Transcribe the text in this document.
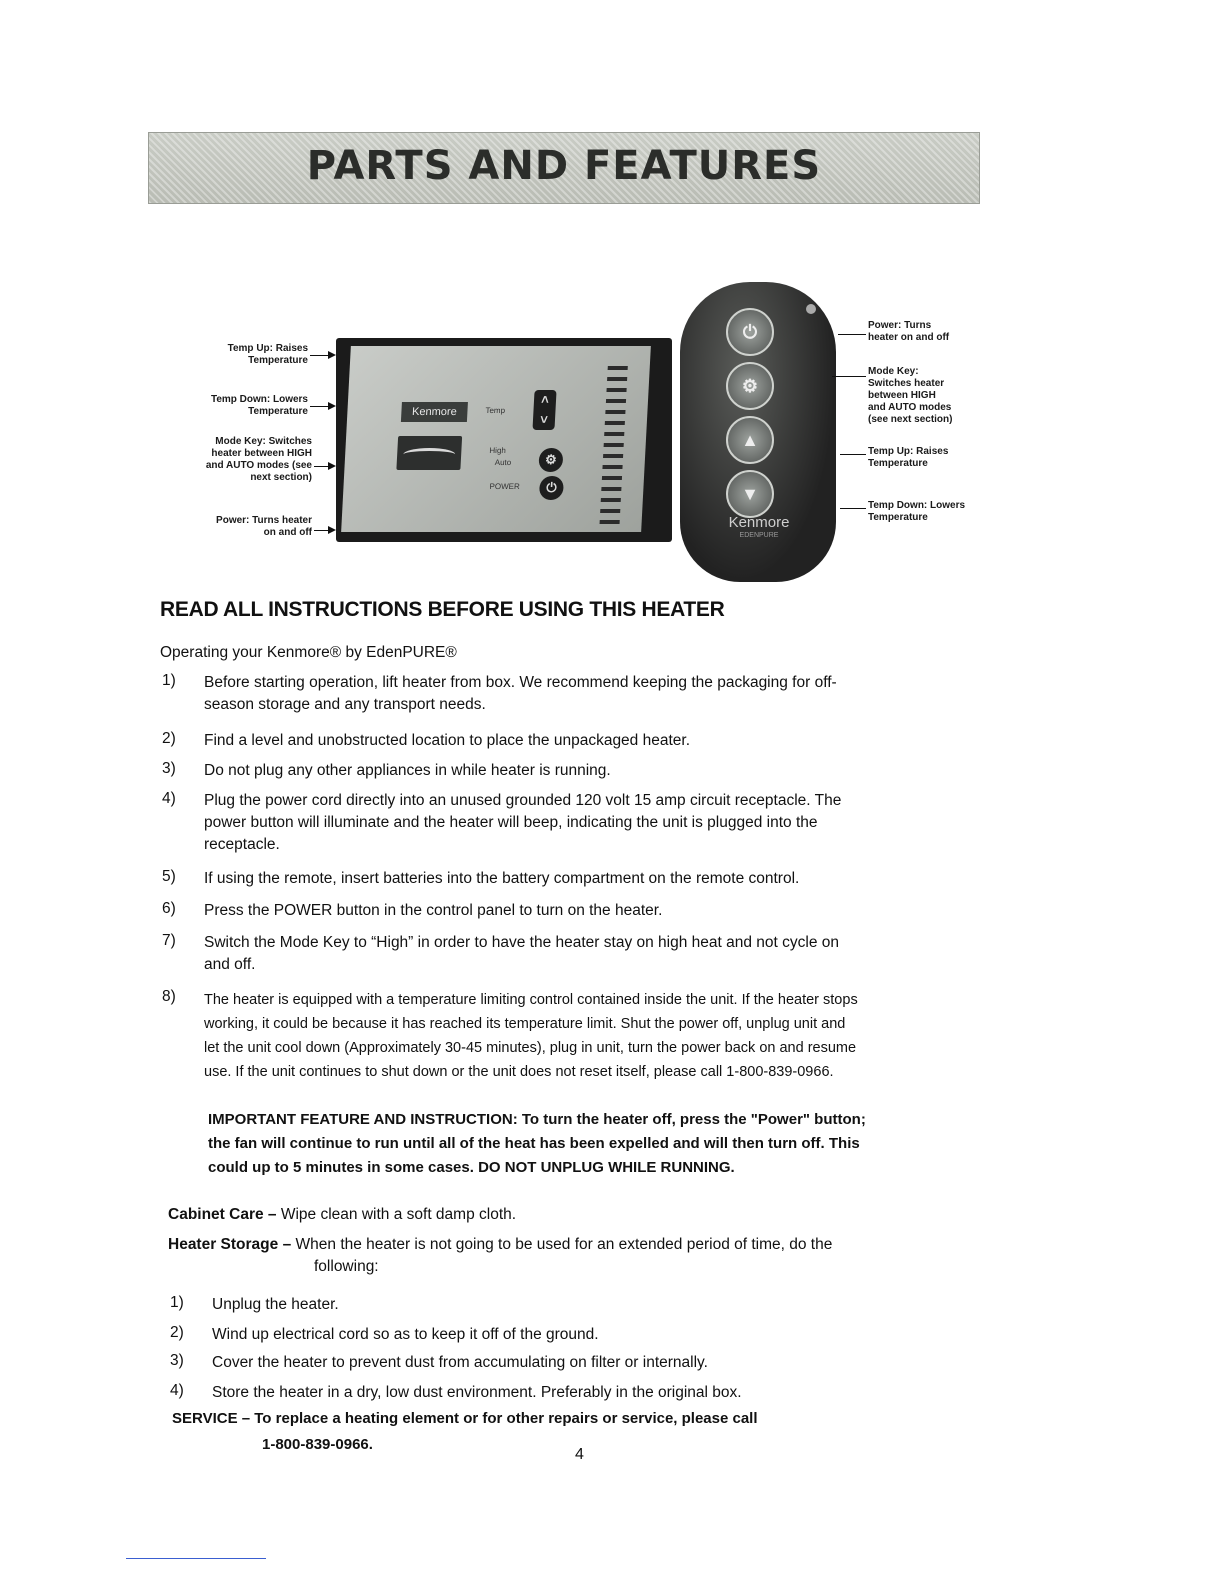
PARTS AND FEATURES
Temp Up: Raises
Temperature
Temp Down: Lowers
Temperature
Mode Key: Switches
heater between HIGH
and AUTO modes (see
next section)
Power: Turns heater
on and off
Kenmore	Temp
˄
˅
High
Auto	⚙
POWER	⏻
⏻
⚙
▲
▼
Kenmore
EDENPURE
Power: Turns
heater on and off
Mode Key:
Switches heater
between HIGH
and AUTO modes
(see next section)
Temp Up: Raises
Temperature
Temp Down: Lowers
Temperature
READ ALL INSTRUCTIONS BEFORE USING THIS HEATER
Operating your Kenmore® by EdenPURE®
1) Before starting operation, lift heater from box. We recommend keeping the packaging for off-
season storage and any transport needs.
2) Find a level and unobstructed location to place the unpackaged heater.
3) Do not plug any other appliances in while heater is running.
4) Plug the power cord directly into an unused grounded 120 volt 15 amp circuit receptacle. The
power button will illuminate and the heater will beep, indicating the unit is plugged into the
receptacle.
5) If using the remote, insert batteries into the battery compartment on the remote control.
6) Press the POWER button in the control panel to turn on the heater.
7) Switch the Mode Key to “High” in order to have the heater stay on high heat and not cycle on
and off.
8) The heater is equipped with a temperature limiting control contained inside the unit. If the heater stops
working, it could be because it has reached its temperature limit. Shut the power off, unplug unit and
let the unit cool down (Approximately 30-45 minutes), plug in unit, turn the power back on and resume
use. If the unit continues to shut down or the unit does not reset itself, please call 1-800-839-0966.
IMPORTANT FEATURE AND INSTRUCTION: To turn the heater off, press the "Power" button;
the fan will continue to run until all of the heat has been expelled and will then turn off. This
could up to 5 minutes in some cases. DO NOT UNPLUG WHILE RUNNING.
Cabinet Care – Wipe clean with a soft damp cloth.
Heater Storage – When the heater is not going to be used for an extended period of time, do the
following:
1) Unplug the heater.
2) Wind up electrical cord so as to keep it off of the ground.
3) Cover the heater to prevent dust from accumulating on filter or internally.
4) Store the heater in a dry, low dust environment. Preferably in the original box.
SERVICE – To replace a heating element or for other repairs or service, please call
1-800-839-0966.
4
